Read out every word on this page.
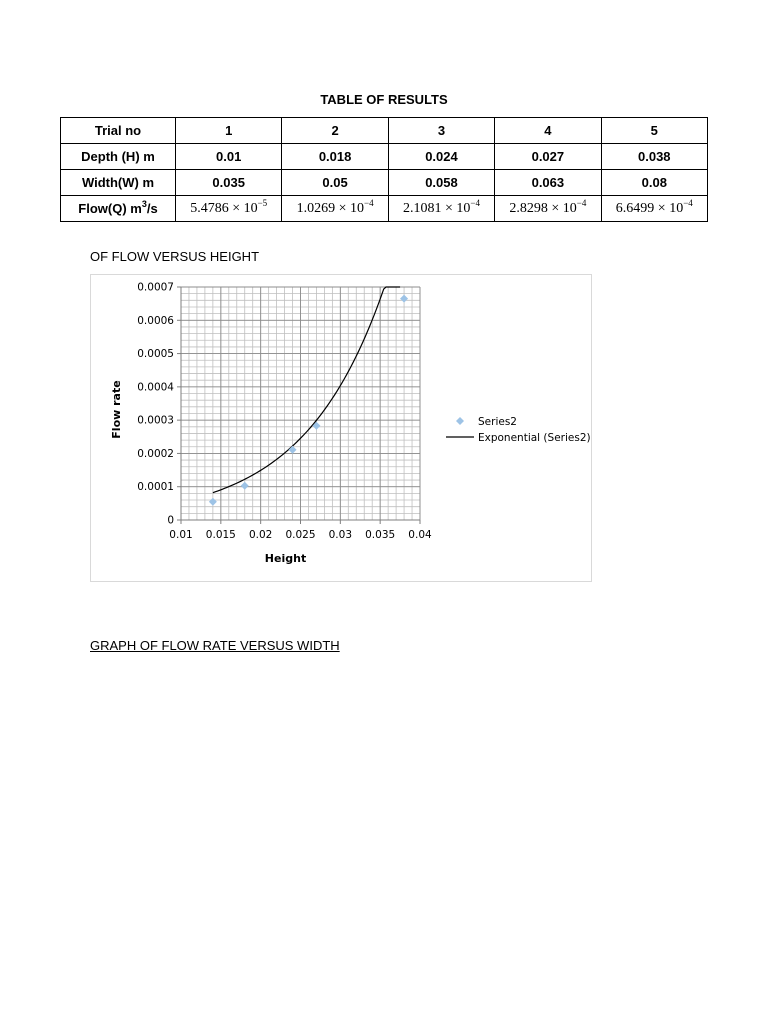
TABLE OF RESULTS
Trial no	1	2	3	4	5
Depth (H) m	0.01	0.018	0.024	0.027	0.038
Width(W) m	0.035	0.05	0.058	0.063	0.08
Flow(Q) $m^3/s$	$5.4786 \times 10^{-5}$	$1.0269 \times 10^{-4}$	$2.1081 \times 10^{-4}$	$2.8298 \times 10^{-4}$	$6.6499 \times 10^{-4}$
OF FLOW VERSUS HEIGHT
0
0.0001
0.0002
0.0003
0.0004
0.0005
0.0006
0.0007
0.01 0.015 0.02 0.025 0.03 0.035 0.04
Height
Flow rate	Series2
Exponential (Series2)
GRAPH OF FLOW RATE VERSUS WIDTH
